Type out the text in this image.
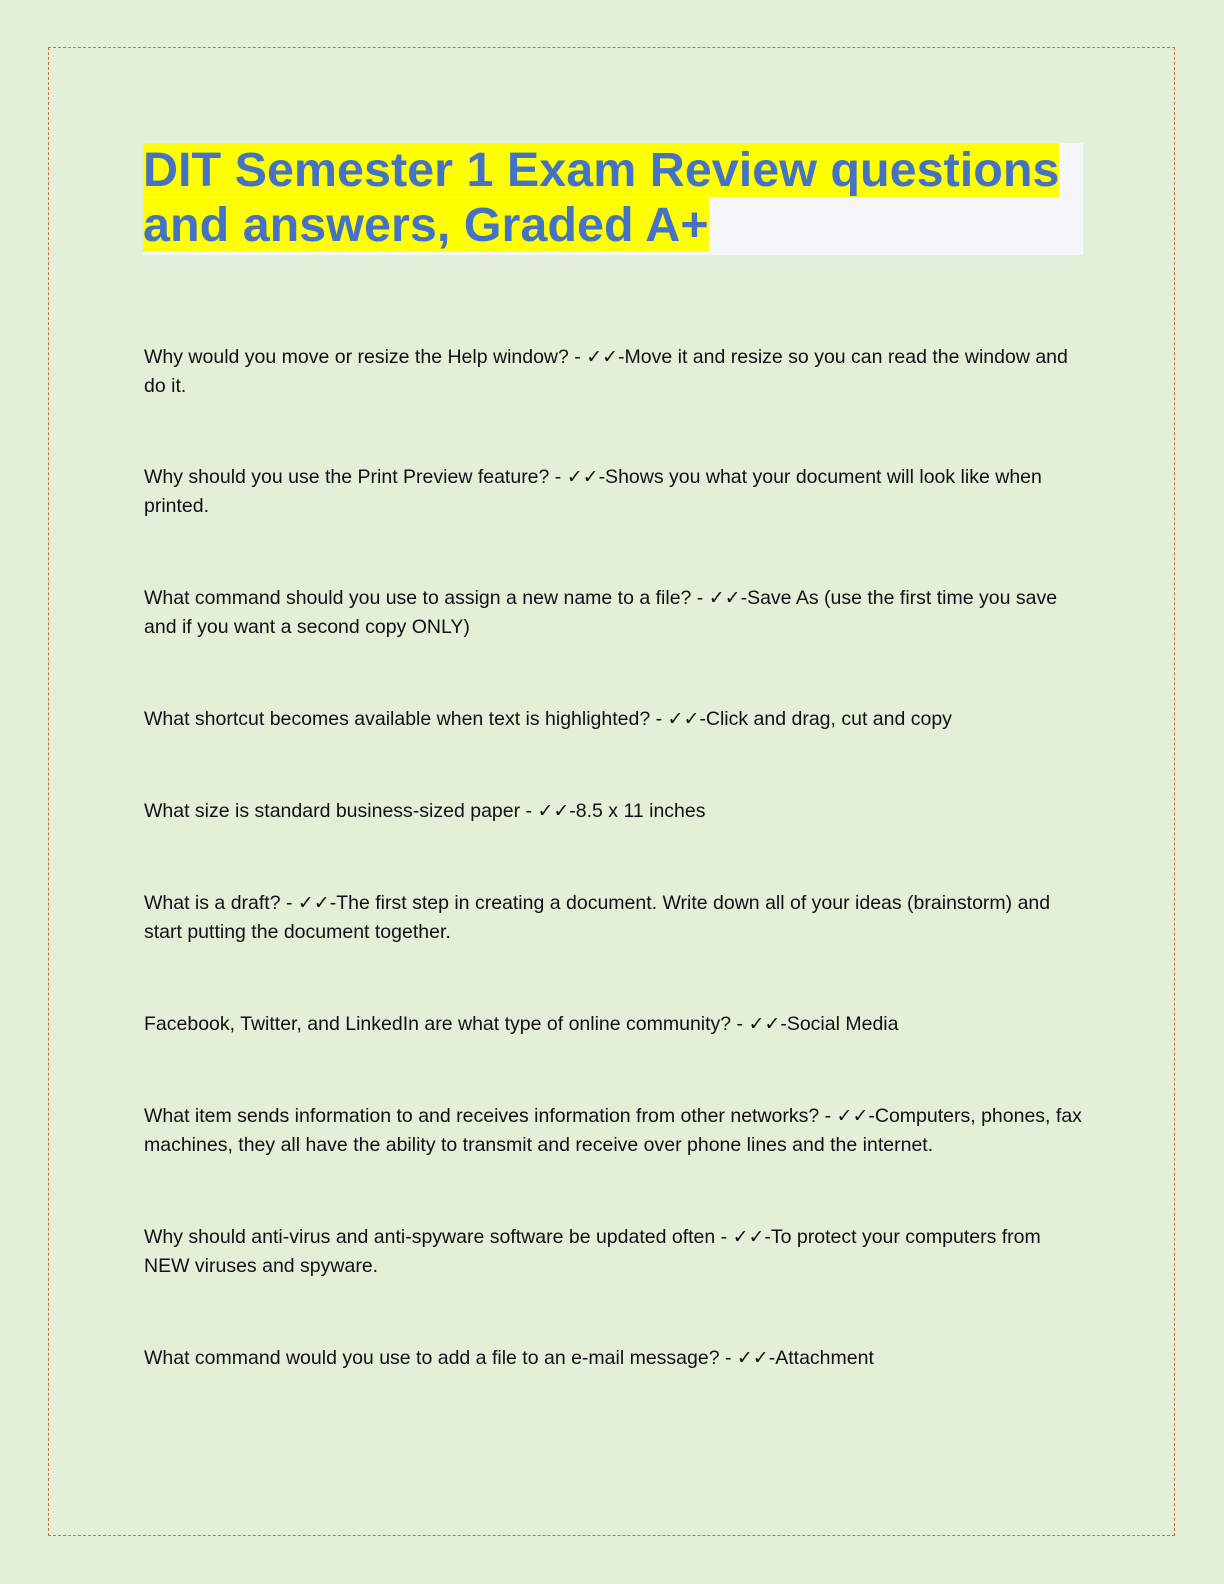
DIT Semester 1 Exam Review questions
and answers, Graded A+

Why would you move or resize the Help window? - ✓✓-Move it and resize so you can read the window and do it.

Why should you use the Print Preview feature? - ✓✓-Shows you what your document will look like when printed.

What command should you use to assign a new name to a file? - ✓✓-Save As (use the first time you save and if you want a second copy ONLY)

What shortcut becomes available when text is highlighted? - ✓✓-Click and drag, cut and copy

What size is standard business-sized paper - ✓✓-8.5 x 11 inches

What is a draft? - ✓✓-The first step in creating a document. Write down all of your ideas (brainstorm) and start putting the document together.

Facebook, Twitter, and LinkedIn are what type of online community? - ✓✓-Social Media

What item sends information to and receives information from other networks? - ✓✓-Computers, phones, fax machines, they all have the ability to transmit and receive over phone lines and the internet.

Why should anti-virus and anti-spyware software be updated often - ✓✓-To protect your computers from NEW viruses and spyware.

What command would you use to add a file to an e-mail message? - ✓✓-Attachment
